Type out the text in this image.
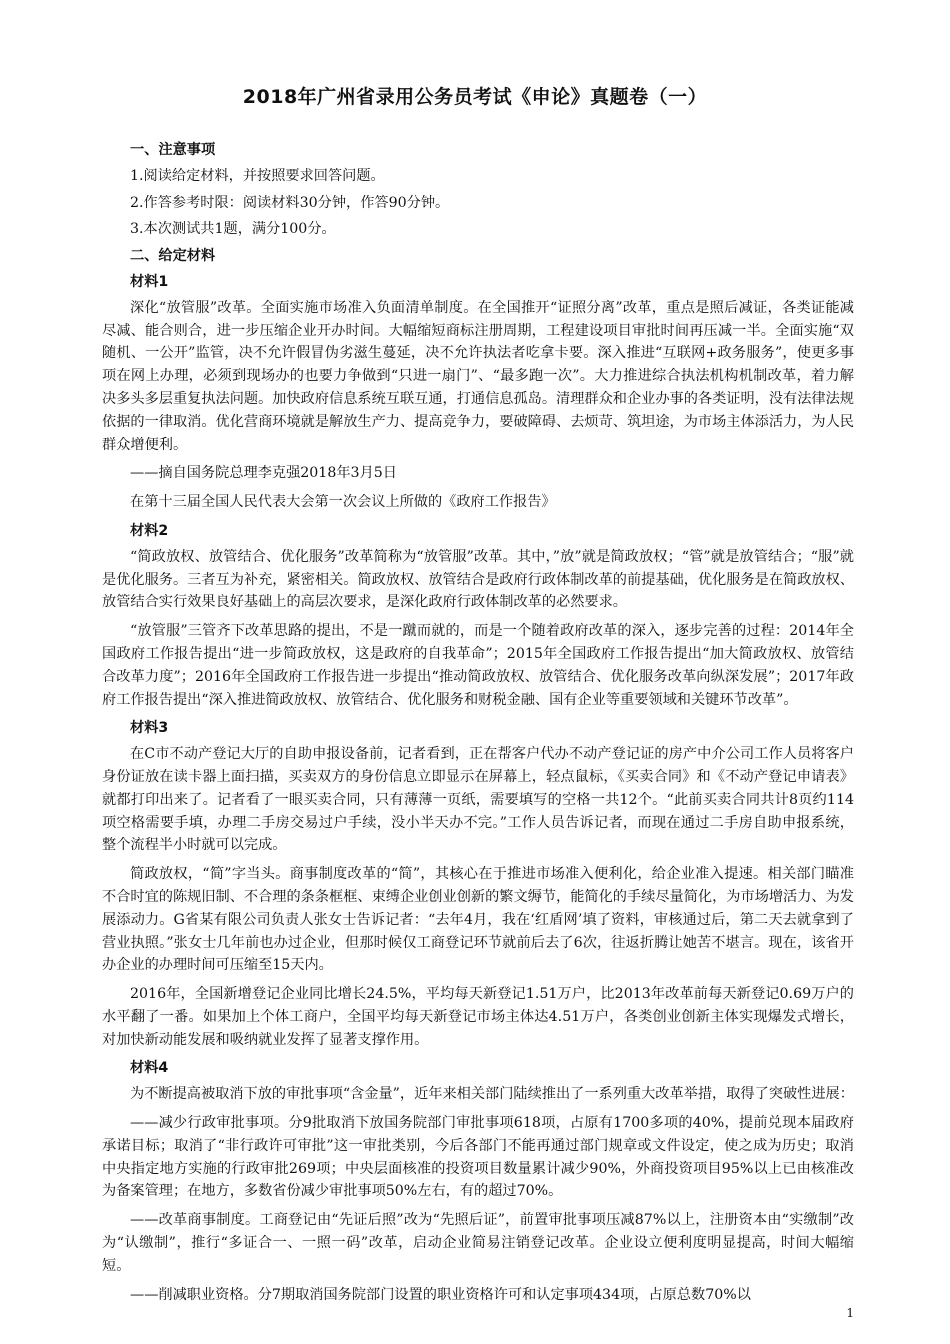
2018年广州省录用公务员考试《申论》真题卷（一）

一、注意事项

1.阅读给定材料，并按照要求回答问题。

2.作答参考时限：阅读材料30分钟，作答90分钟。

3.本次测试共1题，满分100分。

二、给定材料

材料1

深化“放管服”改革。全面实施市场准入负面清单制度。在全国推开“证照分离”改革，重点是照后减证，各类证能减尽减、能合则合，进一步压缩企业开办时间。大幅缩短商标注册周期，工程建设项目审批时间再压减一半。全面实施“双随机、一公开”监管，决不允许假冒伪劣滋生蔓延，决不允许执法者吃拿卡要。深入推进“互联网+政务服务”，使更多事项在网上办理，必须到现场办的也要力争做到“只进一扇门”、“最多跑一次”。大力推进综合执法机构机制改革，着力解决多头多层重复执法问题。加快政府信息系统互联互通，打通信息孤岛。清理群众和企业办事的各类证明，没有法律法规依据的一律取消。优化营商环境就是解放生产力、提高竞争力，要破障碍、去烦苛、筑坦途，为市场主体添活力，为人民群众增便利。

——摘自国务院总理李克强2018年3月5日

在第十三届全国人民代表大会第一次会议上所做的《政府工作报告》

材料2

“简政放权、放管结合、优化服务”改革简称为“放管服”改革。其中，”放”就是简政放权；“管”就是放管结合；“服”就是优化服务。三者互为补充，紧密相关。简政放权、放管结合是政府行政体制改革的前提基础，优化服务是在简政放权、放管结合实行效果良好基础上的高层次要求，是深化政府行政体制改革的必然要求。

“放管服”三管齐下改革思路的提出，不是一蹴而就的，而是一个随着政府改革的深入，逐步完善的过程：2014年全国政府工作报告提出“进一步简政放权，这是政府的自我革命”；2015年全国政府工作报告提出“加大简政放权、放管结合改革力度”；2016年全国政府工作报告进一步提出“推动简政放权、放管结合、优化服务改革向纵深发展”；2017年政府工作报告提出“深入推进简政放权、放管结合、优化服务和财税金融、国有企业等重要领域和关键环节改革”。

材料3

在C市不动产登记大厅的自助申报设备前，记者看到，正在帮客户代办不动产登记证的房产中介公司工作人员将客户身份证放在读卡器上面扫描，买卖双方的身份信息立即显示在屏幕上，轻点鼠标，《买卖合同》和《不动产登记申请表》就都打印出来了。记者看了一眼买卖合同，只有薄薄一页纸，需要填写的空格一共12个。“此前买卖合同共计8页约114项空格需要手填，办理二手房交易过户手续，没小半天办不完。”工作人员告诉记者，而现在通过二手房自助申报系统，整个流程半小时就可以完成。

简政放权，“简”字当头。商事制度改革的“简”，其核心在于推进市场准入便利化，给企业准入提速。相关部门瞄准不合时宜的陈规旧制、不合理的条条框框、束缚企业创业创新的繁文缛节，能简化的手续尽量简化，为市场增活力、为发展添动力。G省某有限公司负责人张女士告诉记者：“去年4月，我在‘红盾网’填了资料，审核通过后，第二天去就拿到了营业执照。”张女士几年前也办过企业，但那时候仅工商登记环节就前后去了6次，往返折腾让她苦不堪言。现在，该省开办企业的办理时间可压缩至15天内。

2016年，全国新增登记企业同比增长24.5%，平均每天新登记1.51万户，比2013年改革前每天新登记0.69万户的水平翻了一番。如果加上个体工商户，全国平均每天新登记市场主体达4.51万户，各类创业创新主体实现爆发式增长，对加快新动能发展和吸纳就业发挥了显著支撑作用。

材料4

为不断提高被取消下放的审批事项“含金量”，近年来相关部门陆续推出了一系列重大改革举措，取得了突破性进展：

——减少行政审批事项。分9批取消下放国务院部门审批事项618项，占原有1700多项的40%，提前兑现本届政府承诺目标；取消了“非行政许可审批”这一审批类别，今后各部门不能再通过部门规章或文件设定，使之成为历史；取消中央指定地方实施的行政审批269项；中央层面核准的投资项目数量累计减少90%，外商投资项目95%以上已由核准改为备案管理；在地方，多数省份减少审批事项50%左右，有的超过70%。

——改革商事制度。工商登记由“先证后照”改为“先照后证”，前置审批事项压减87%以上，注册资本由“实缴制”改为“认缴制”，推行“多证合一、一照一码”改革，启动企业简易注销登记改革。企业设立便利度明显提高，时间大幅缩短。

——削减职业资格。分7期取消国务院部门设置的职业资格许可和认定事项434项，占原总数70%以

1
